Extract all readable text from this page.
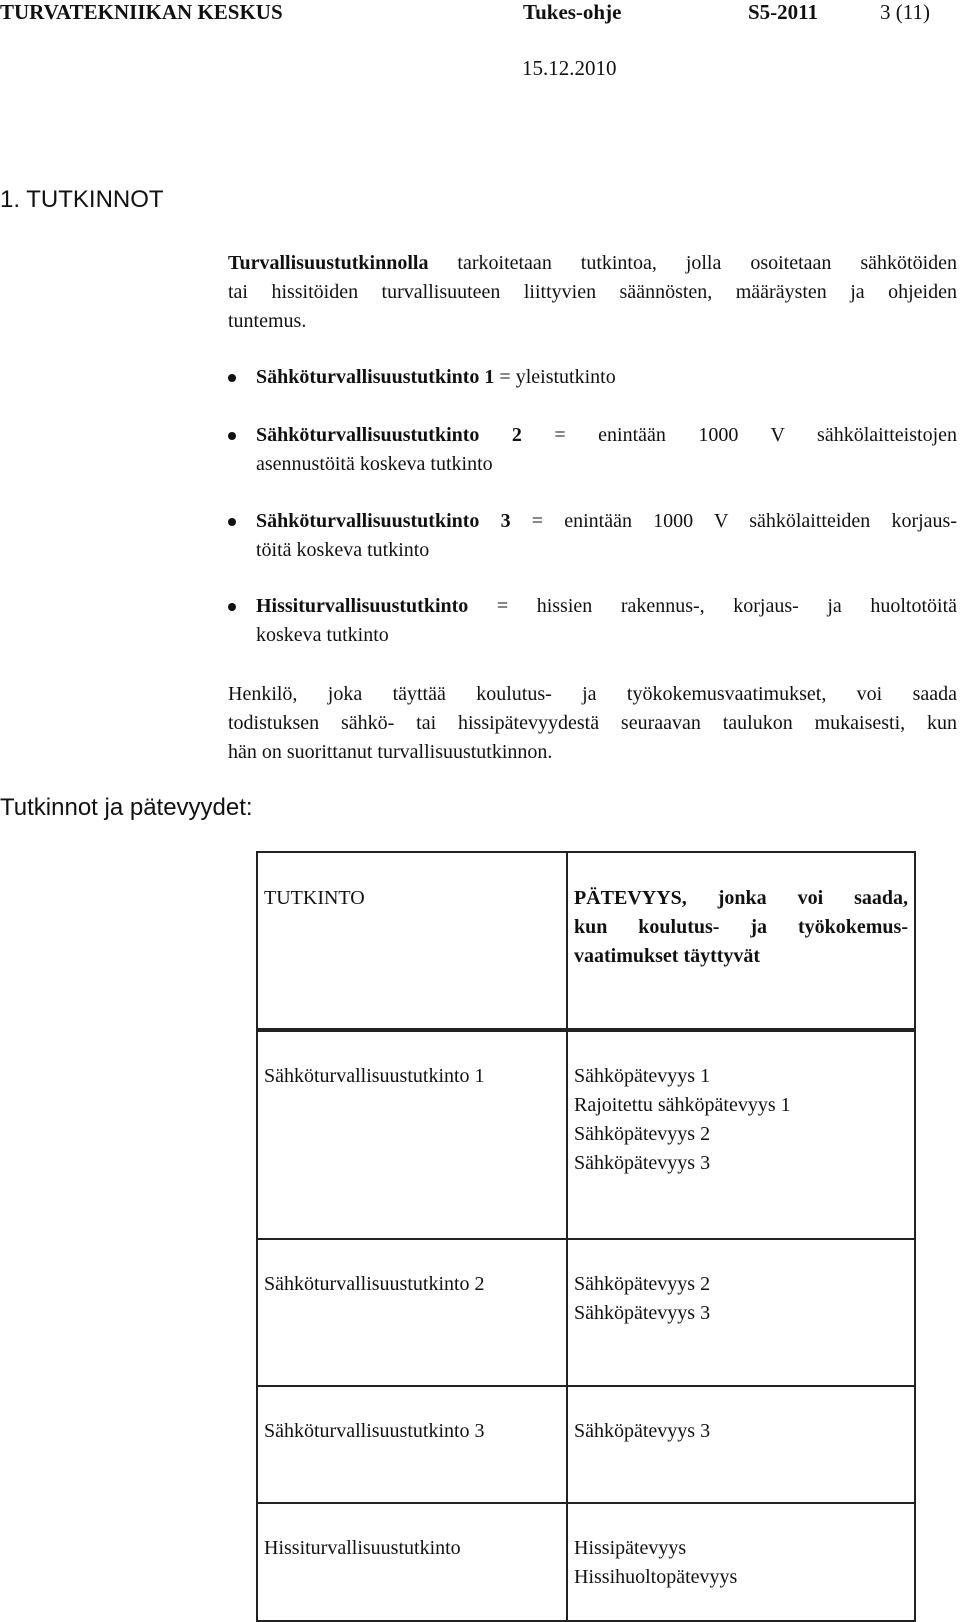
TURVATEKNIIKAN KESKUS	Tukes-ohje	S5-2011	3 (11)
15.12.2010
1. TUTKINNOT
Turvallisuustutkinnolla tarkoitetaan tutkintoa, jolla osoitetaan sähkötöiden
tai hissitöiden turvallisuuteen liittyvien säännösten, määräysten ja ohjeiden
tuntemus.
Sähköturvallisuustutkinto 1 = yleistutkinto
Sähköturvallisuustutkinto 2 = enintään 1000 V sähkölaitteistojen
asennustöitä koskeva tutkinto
Sähköturvallisuustutkinto 3 = enintään 1000 V sähkölaitteiden korjaus-
töitä koskeva tutkinto
Hissiturvallisuustutkinto = hissien rakennus-, korjaus- ja huoltotöitä
koskeva tutkinto
Henkilö, joka täyttää koulutus- ja työkokemusvaatimukset, voi saada
todistuksen sähkö- tai hissipätevyydestä seuraavan taulukon mukaisesti, kun
hän on suorittanut turvallisuustutkinnon.
Tutkinnot ja pätevyydet:
TUTKINTO	PÄTEVYYS, jonka voi saada,
kun koulutus- ja työkokemus-
vaatimukset täyttyvät

Sähköturvallisuustutkinto 1	Sähköpätevyys 1
Rajoitettu sähköpätevyys 1
Sähköpätevyys 2
Sähköpätevyys 3

Sähköturvallisuustutkinto 2	Sähköpätevyys 2
Sähköpätevyys 3

Sähköturvallisuustutkinto 3	Sähköpätevyys 3

Hissiturvallisuustutkinto	Hissipätevyys
Hissihuoltopätevyys
